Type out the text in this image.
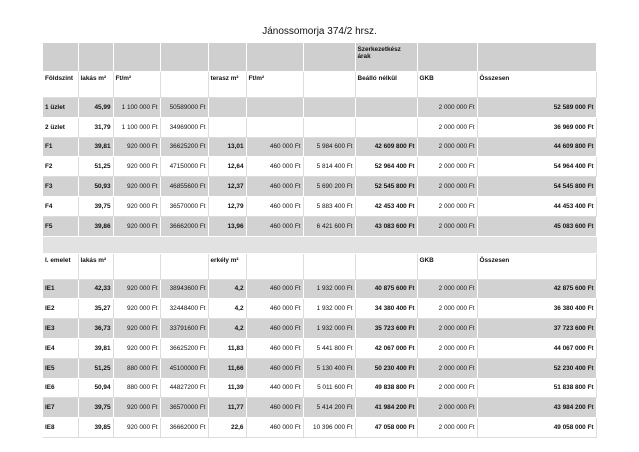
Jánossomorja 374/2 hrsz.

							Szerkezetkész
árak		

Földszint	lakás m²	Ft/m²		terasz m²	Ft/m²		Beálló nélkül	GKB	Összesen
1 üzlet	45,99	1 100 000 Ft	50589000 Ft					2 000 000 Ft	52 589 000 Ft
2 üzlet	31,79	1 100 000 Ft	34969000 Ft					2 000 000 Ft	36 969 000 Ft
F1	39,81	920 000 Ft	36625200 Ft	13,01	460 000 Ft	5 984 600 Ft	42 609 800 Ft	2 000 000 Ft	44 609 800 Ft
F2	51,25	920 000 Ft	47150000 Ft	12,64	460 000 Ft	5 814 400 Ft	52 964 400 Ft	2 000 000 Ft	54 964 400 Ft
F3	50,93	920 000 Ft	46855600 Ft	12,37	460 000 Ft	5 690 200 Ft	52 545 800 Ft	2 000 000 Ft	54 545 800 Ft
F4	39,75	920 000 Ft	36570000 Ft	12,79	460 000 Ft	5 883 400 Ft	42 453 400 Ft	2 000 000 Ft	44 453 400 Ft
F5	39,86	920 000 Ft	36662000 Ft	13,96	460 000 Ft	6 421 600 Ft	43 083 600 Ft	2 000 000 Ft	45 083 600 Ft

I. emelet	lakás m²			erkély m²				GKB	Összesen
IE1	42,33	920 000 Ft	38943600 Ft	4,2	460 000 Ft	1 932 000 Ft	40 875 600 Ft	2 000 000 Ft	42 875 600 Ft
IE2	35,27	920 000 Ft	32448400 Ft	4,2	460 000 Ft	1 932 000 Ft	34 380 400 Ft	2 000 000 Ft	36 380 400 Ft
IE3	36,73	920 000 Ft	33791600 Ft	4,2	460 000 Ft	1 932 000 Ft	35 723 600 Ft	2 000 000 Ft	37 723 600 Ft
IE4	39,81	920 000 Ft	36625200 Ft	11,83	460 000 Ft	5 441 800 Ft	42 067 000 Ft	2 000 000 Ft	44 067 000 Ft
IE5	51,25	880 000 Ft	45100000 Ft	11,66	460 000 Ft	5 130 400 Ft	50 230 400 Ft	2 000 000 Ft	52 230 400 Ft
IE6	50,94	880 000 Ft	44827200 Ft	11,39	440 000 Ft	5 011 600 Ft	49 838 800 Ft	2 000 000 Ft	51 838 800 Ft
IE7	39,75	920 000 Ft	36570000 Ft	11,77	460 000 Ft	5 414 200 Ft	41 984 200 Ft	2 000 000 Ft	43 984 200 Ft
IE8	39,85	920 000 Ft	36662000 Ft	22,6	460 000 Ft	10 396 000 Ft	47 058 000 Ft	2 000 000 Ft	49 058 000 Ft
